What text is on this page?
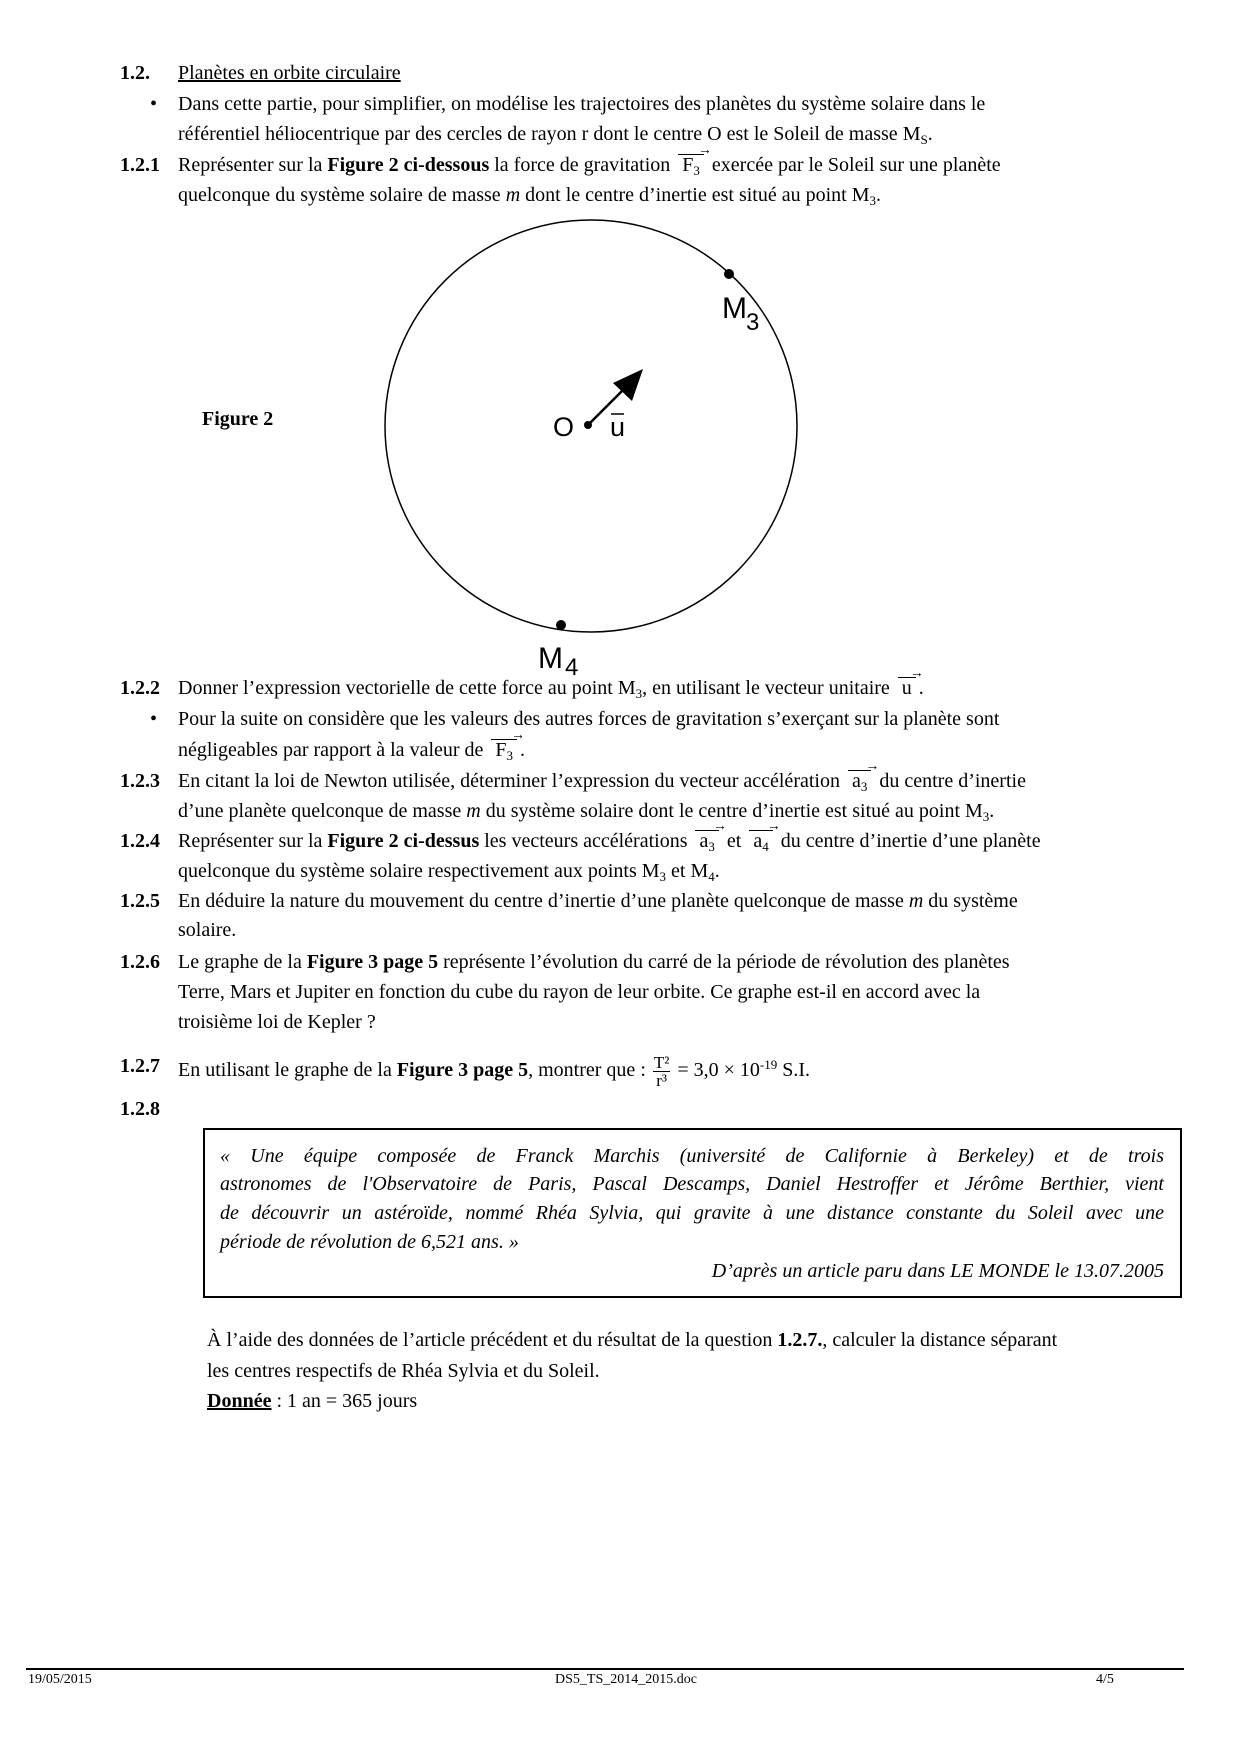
1.2. Planètes en orbite circulaire
• Dans cette partie, pour simplifier, on modélise les trajectoires des planètes du système solaire dans le
référentiel héliocentrique par des cercles de rayon r dont le centre O est le Soleil de masse $M_S$.
1.2.1 Représenter sur la Figure 2 ci-dessous la force de gravitation $F_3$ → exercée par le Soleil sur une planète
quelconque du système solaire de masse m dont le centre d’inertie est situé au point $M_3$.
1.2.2 Donner l’expression vectorielle de cette force au point $M_3$, en utilisant le vecteur unitaire u → .
• Pour la suite on considère que les valeurs des autres forces de gravitation s’exerçant sur la planète sont
négligeables par rapport à la valeur de $F_3$ → .
1.2.3 En citant la loi de Newton utilisée, déterminer l’expression du vecteur accélération $a_3$ → du centre d’inertie
d’une planète quelconque de masse m du système solaire dont le centre d’inertie est situé au point $M_3$.
1.2.4 Représenter sur la Figure 2 ci-dessus les vecteurs accélérations $a_3$ → et $a_4$ → du centre d’inertie d’une planète
quelconque du système solaire respectivement aux points $M_3$ et $M_4$.
1.2.5 En déduire la nature du mouvement du centre d’inertie d’une planète quelconque de masse m du système
solaire.
1.2.6 Le graphe de la Figure 3 page 5 représente l’évolution du carré de la période de révolution des planètes
Terre, Mars et Jupiter en fonction du cube du rayon de leur orbite. Ce graphe est-il en accord avec la
troisième loi de Kepler ?
1.2.7 En utilisant le graphe de la Figure 3 page 5, montrer que : $\frac{\text{T²}}{\text{r³}} = 3,0 \times 10^{-19}$ S.I.
1.2.8
À l’aide des données de l’article précédent et du résultat de la question 1.2.7., calculer la distance séparant
les centres respectifs de Rhéa Sylvia et du Soleil.
Donnée : 1 an = 365 jours
O u
M 3
M 4
Figure 2
« Une équipe composée de Franck Marchis (université de Californie à Berkeley) et de trois
astronomes de l'Observatoire de Paris, Pascal Descamps, Daniel Hestroffer et Jérôme Berthier, vient
de découvrir un astéroïde, nommé Rhéa Sylvia, qui gravite à une distance constante du Soleil avec une
période de révolution de 6,521 ans. »
D’après un article paru dans LE MONDE le 13.07.2005
19/05/2015	DS5_TS_2014_2015.doc	4/5
